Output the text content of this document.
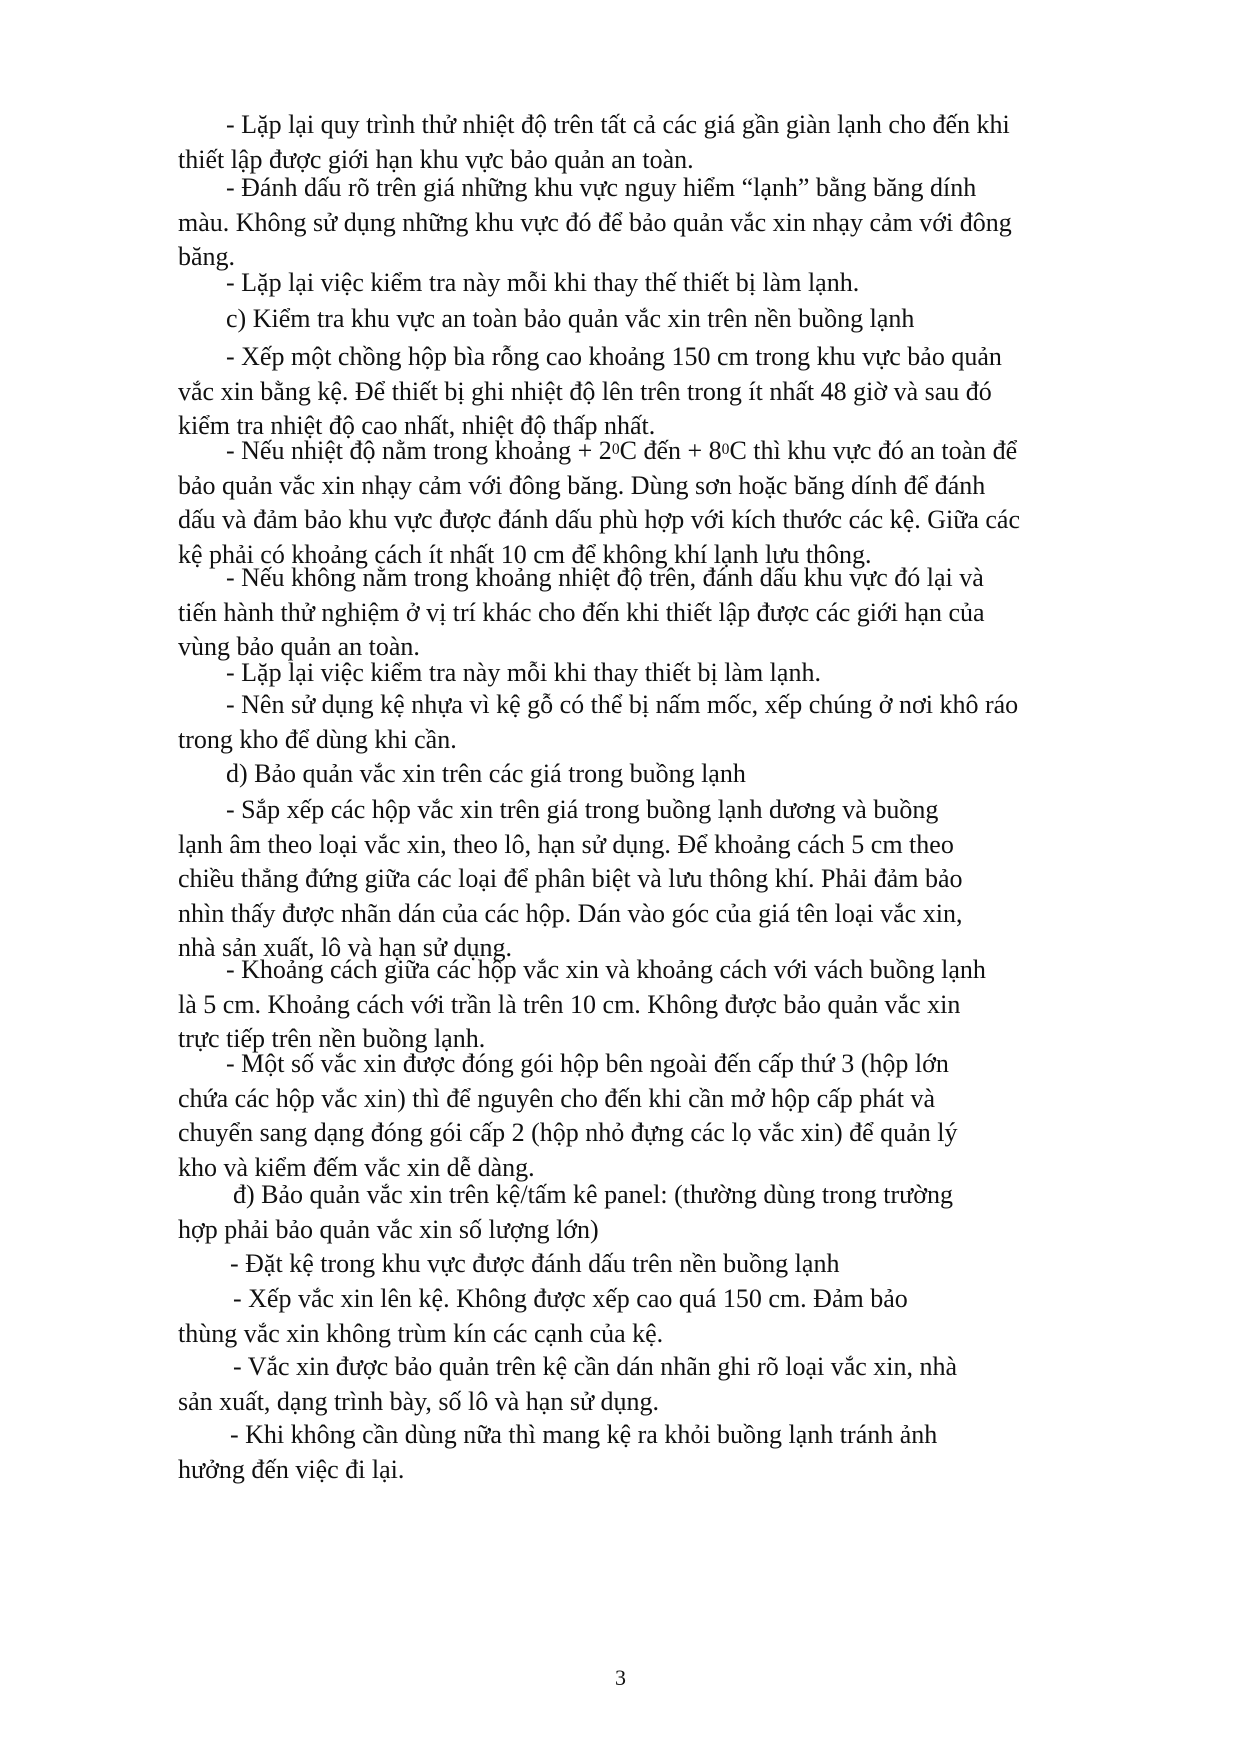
- Lặp lại quy trình thử nhiệt độ trên tất cả các giá gần giàn lạnh cho đến khi
thiết lập được giới hạn khu vực bảo quản an toàn.
- Đánh dấu rõ trên giá những khu vực nguy hiểm “lạnh” bằng băng dính
màu. Không sử dụng những khu vực đó để bảo quản vắc xin nhạy cảm với đông
băng.
- Lặp lại việc kiểm tra này mỗi khi thay thế thiết bị làm lạnh.
c) Kiểm tra khu vực an toàn bảo quản vắc xin trên nền buồng lạnh
- Xếp một chồng hộp bìa rỗng cao khoảng 150 cm trong khu vực bảo quản
vắc xin bằng kệ. Để thiết bị ghi nhiệt độ lên trên trong ít nhất 48 giờ và sau đó
kiểm tra nhiệt độ cao nhất, nhiệt độ thấp nhất.
- Nếu nhiệt độ nằm trong khoảng + $2^0C$ đến + $8^0C$ thì khu vực đó an toàn để
bảo quản vắc xin nhạy cảm với đông băng. Dùng sơn hoặc băng dính để đánh
dấu và đảm bảo khu vực được đánh dấu phù hợp với kích thước các kệ. Giữa các
kệ phải có khoảng cách ít nhất 10 cm để không khí lạnh lưu thông.
- Nếu không nằm trong khoảng nhiệt độ trên, đánh dấu khu vực đó lại và
tiến hành thử nghiệm ở vị trí khác cho đến khi thiết lập được các giới hạn của
vùng bảo quản an toàn.
- Lặp lại việc kiểm tra này mỗi khi thay thiết bị làm lạnh.
- Nên sử dụng kệ nhựa vì kệ gỗ có thể bị nấm mốc, xếp chúng ở nơi khô ráo
trong kho để dùng khi cần.
d) Bảo quản vắc xin trên các giá trong buồng lạnh
- Sắp xếp các hộp vắc xin trên giá trong buồng lạnh dương và buồng
lạnh âm theo loại vắc xin, theo lô, hạn sử dụng. Để khoảng cách 5 cm theo
chiều thẳng đứng giữa các loại để phân biệt và lưu thông khí. Phải đảm bảo
nhìn thấy được nhãn dán của các hộp. Dán vào góc của giá tên loại vắc xin,
nhà sản xuất, lô và hạn sử dụng.
- Khoảng cách giữa các hộp vắc xin và khoảng cách với vách buồng lạnh
là 5 cm. Khoảng cách với trần là trên 10 cm. Không được bảo quản vắc xin
trực tiếp trên nền buồng lạnh.
- Một số vắc xin được đóng gói hộp bên ngoài đến cấp thứ 3 (hộp lớn
chứa các hộp vắc xin) thì để nguyên cho đến khi cần mở hộp cấp phát và
chuyển sang dạng đóng gói cấp 2 (hộp nhỏ đựng các lọ vắc xin) để quản lý
kho và kiểm đếm vắc xin dễ dàng.
đ) Bảo quản vắc xin trên kệ/tấm kê panel: (thường dùng trong trường
hợp phải bảo quản vắc xin số lượng lớn)
- Đặt kệ trong khu vực được đánh dấu trên nền buồng lạnh
- Xếp vắc xin lên kệ. Không được xếp cao quá 150 cm. Đảm bảo
thùng vắc xin không trùm kín các cạnh của kệ.
- Vắc xin được bảo quản trên kệ cần dán nhãn ghi rõ loại vắc xin, nhà
sản xuất, dạng trình bày, số lô và hạn sử dụng.
- Khi không cần dùng nữa thì mang kệ ra khỏi buồng lạnh tránh ảnh
hưởng đến việc đi lại.
3
